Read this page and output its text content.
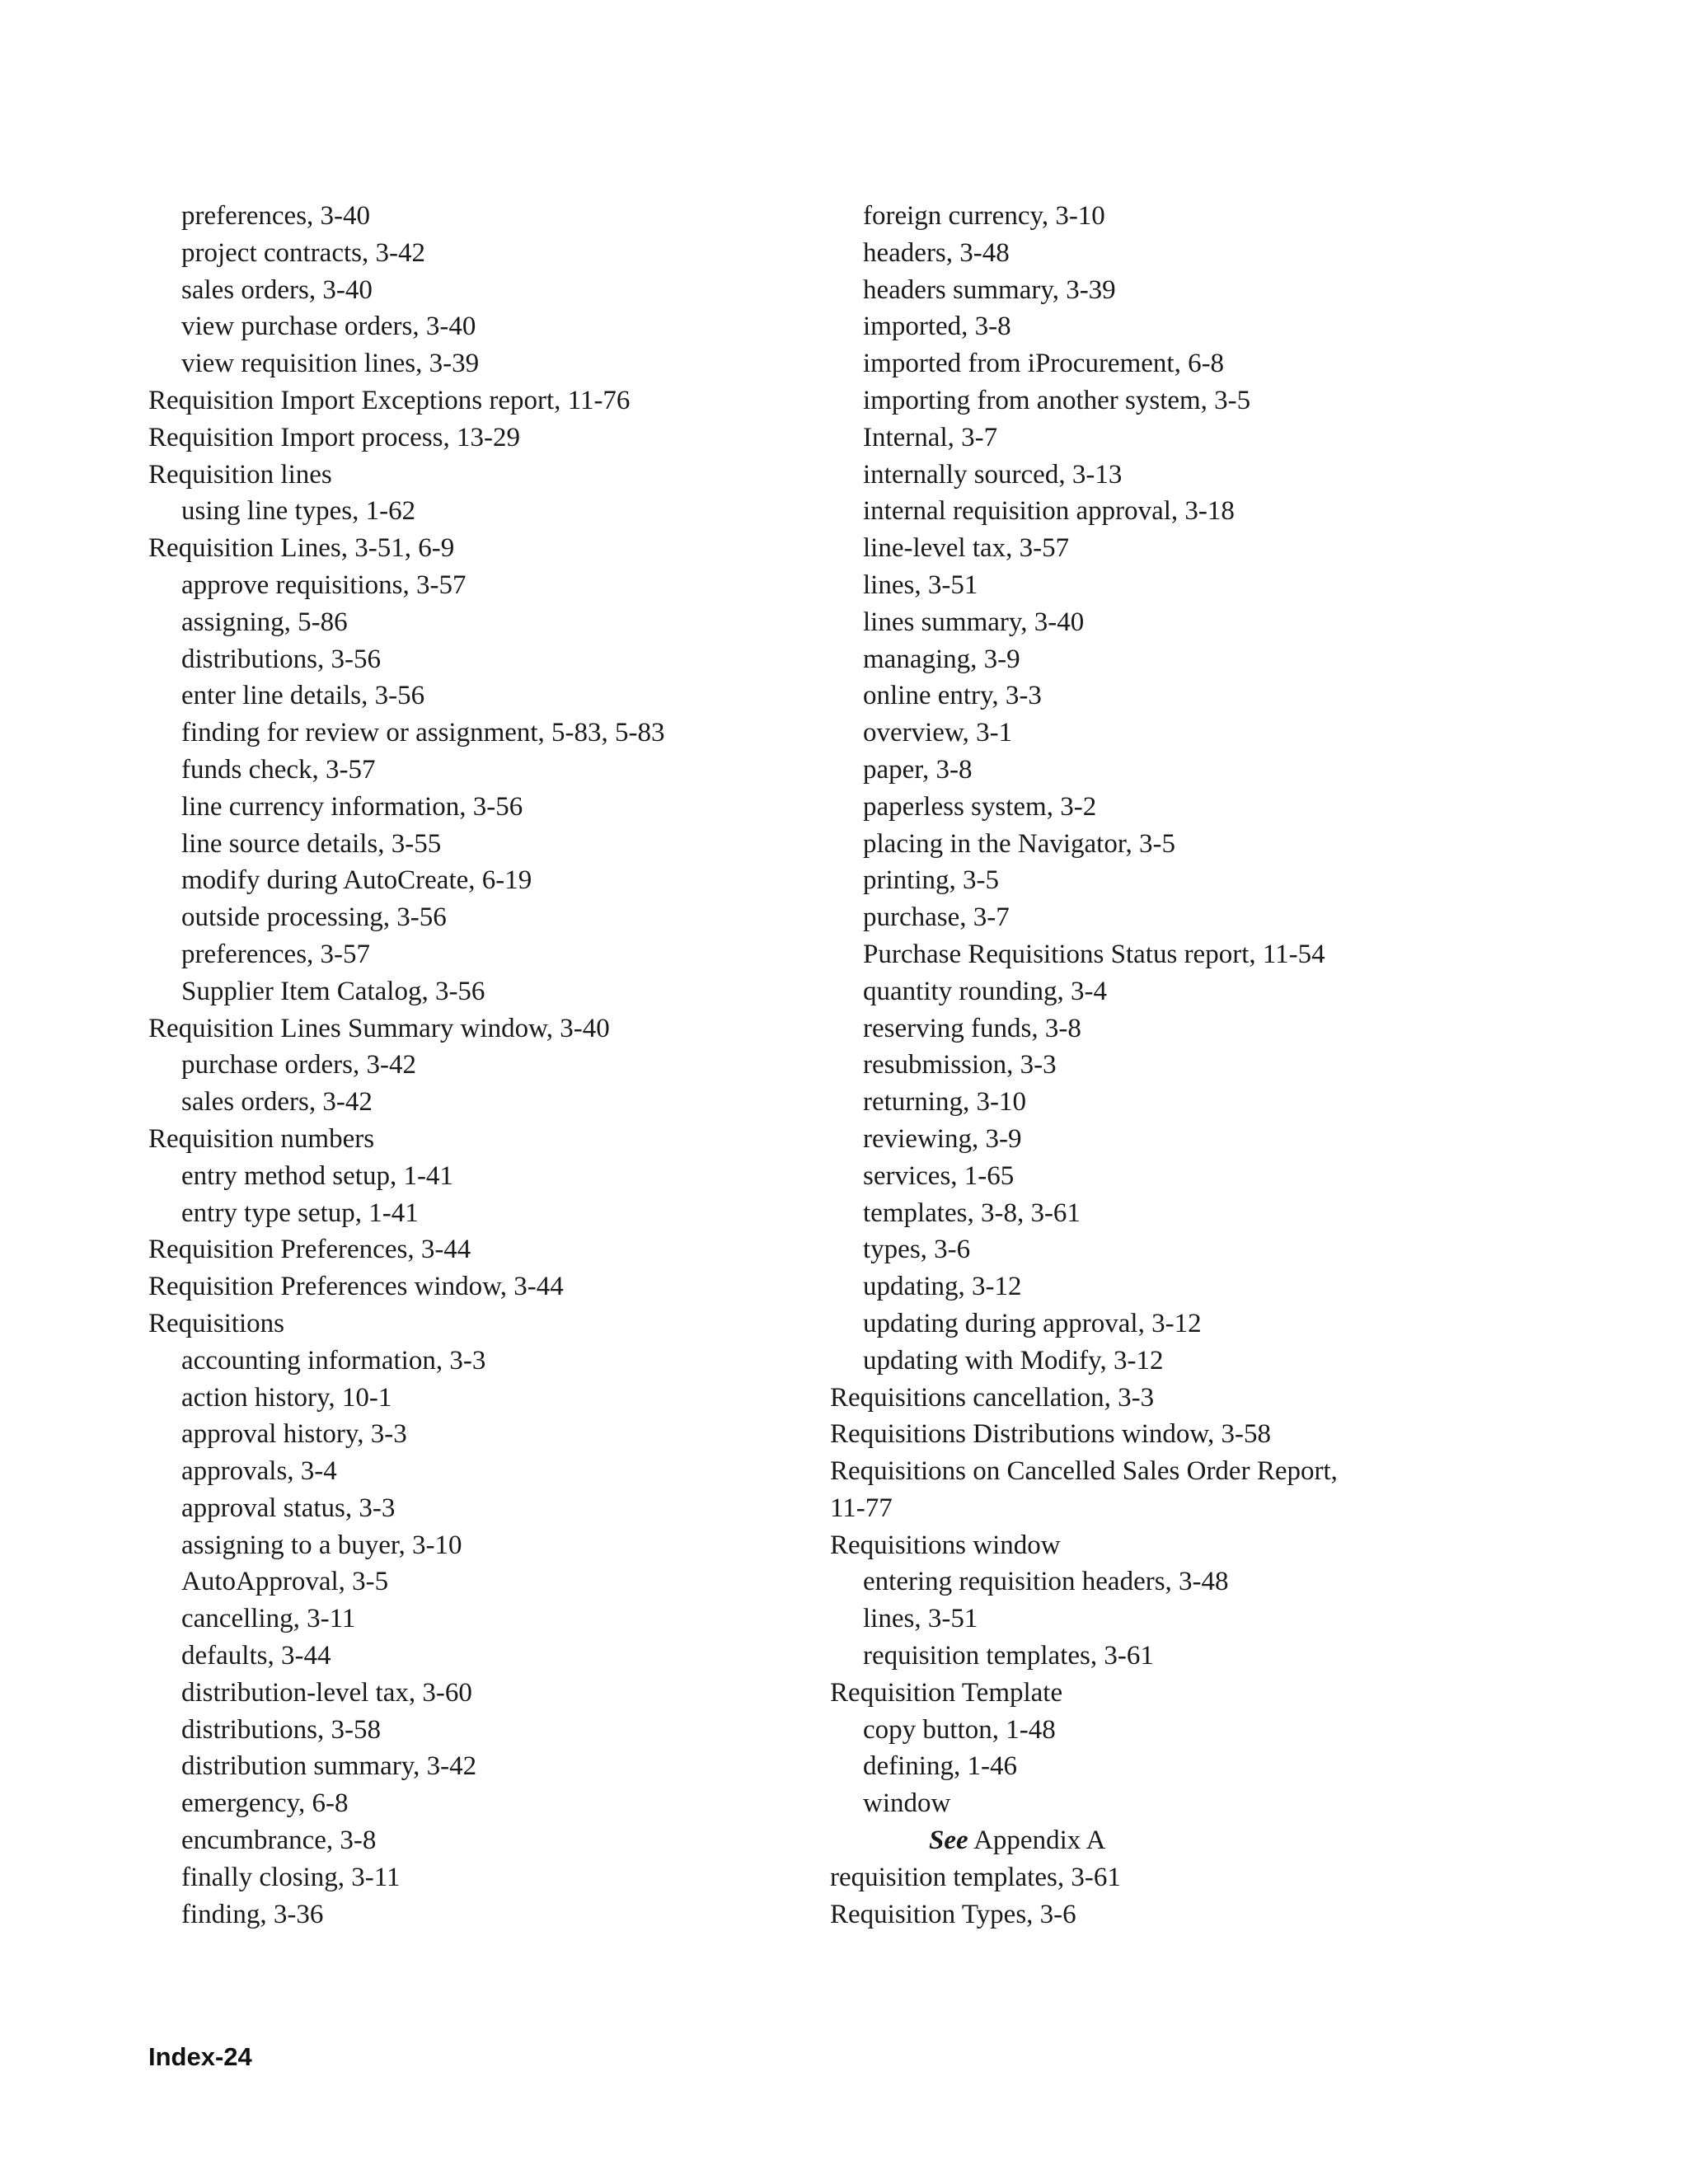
preferences, 3-40
project contracts, 3-42
sales orders, 3-40
view purchase orders, 3-40
view requisition lines, 3-39
Requisition Import Exceptions report, 11-76
Requisition Import process, 13-29
Requisition lines
using line types, 1-62
Requisition Lines, 3-51, 6-9
approve requisitions, 3-57
assigning, 5-86
distributions, 3-56
enter line details, 3-56
finding for review or assignment, 5-83, 5-83
funds check, 3-57
line currency information, 3-56
line source details, 3-55
modify during AutoCreate, 6-19
outside processing, 3-56
preferences, 3-57
Supplier Item Catalog, 3-56
Requisition Lines Summary window, 3-40
purchase orders, 3-42
sales orders, 3-42
Requisition numbers
entry method setup, 1-41
entry type setup, 1-41
Requisition Preferences, 3-44
Requisition Preferences window, 3-44
Requisitions
accounting information, 3-3
action history, 10-1
approval history, 3-3
approvals, 3-4
approval status, 3-3
assigning to a buyer, 3-10
AutoApproval, 3-5
cancelling, 3-11
defaults, 3-44
distribution-level tax, 3-60
distributions, 3-58
distribution summary, 3-42
emergency, 6-8
encumbrance, 3-8
finally closing, 3-11
finding, 3-36
foreign currency, 3-10
headers, 3-48
headers summary, 3-39
imported, 3-8
imported from iProcurement, 6-8
importing from another system, 3-5
Internal, 3-7
internally sourced, 3-13
internal requisition approval, 3-18
line-level tax, 3-57
lines, 3-51
lines summary, 3-40
managing, 3-9
online entry, 3-3
overview, 3-1
paper, 3-8
paperless system, 3-2
placing in the Navigator, 3-5
printing, 3-5
purchase, 3-7
Purchase Requisitions Status report, 11-54
quantity rounding, 3-4
reserving funds, 3-8
resubmission, 3-3
returning, 3-10
reviewing, 3-9
services, 1-65
templates, 3-8, 3-61
types, 3-6
updating, 3-12
updating during approval, 3-12
updating with Modify, 3-12
Requisitions cancellation, 3-3
Requisitions Distributions window, 3-58
Requisitions on Cancelled Sales Order Report,
11-77
Requisitions window
entering requisition headers, 3-48
lines, 3-51
requisition templates, 3-61
Requisition Template
copy button, 1-48
defining, 1-46
window
See Appendix A
requisition templates, 3-61
Requisition Types, 3-6
Index-24
